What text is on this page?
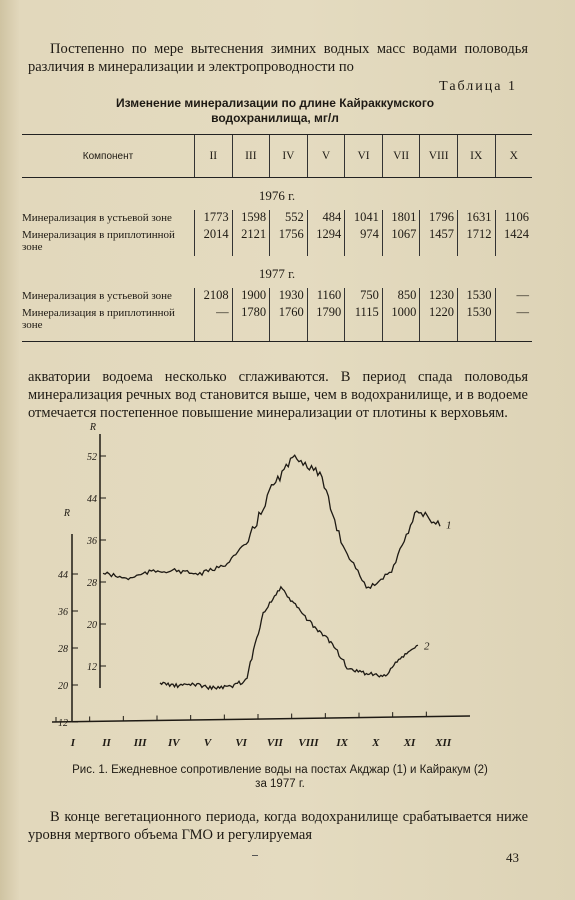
Постепенно по мере вытеснения зимних водных масс водами половодья различия в минерализации и электропроводности по
Таблица 1
Изменение минерализации по длине Кайраккумского
водохранилища, мг/л
Компонент	II	III	IV	V	VI	VII	VIII	IX	X
1976 г.									
Минерализация в устьевой зоне	1773	1598	552	484	1041	1801	1796	1631	1106
Минерализация в приплотинной зоне	2014	2121	1756	1294	974	1067	1457	1712	1424
1977 г.									
Минерализация в устьевой зоне	2108	1900	1930	1160	750	850	1230	1530	—
Минерализация в приплотинной зоне	—	1780	1760	1790	1115	1000	1220	1530	—
акватории водоема несколько сглаживаются. В период спада половодья минерализация речных вод становится выше, чем в водохранилище, и в водоеме отмечается постепенное повышение минерализации от плотины к верховьям.
R
R
12
20
28
36
44
12
20
28
36
44
52
I II III IV V VI VII VIII IX X XI XII
1
2
Рис. 1. Ежедневное сопротивление воды на постах Акджар (1) и Кайракум (2)
за 1977 г.
В конце вегетационного периода, когда водохранилище срабатывается ниже уровня мертвого объема ГМО и регулируемая
43
